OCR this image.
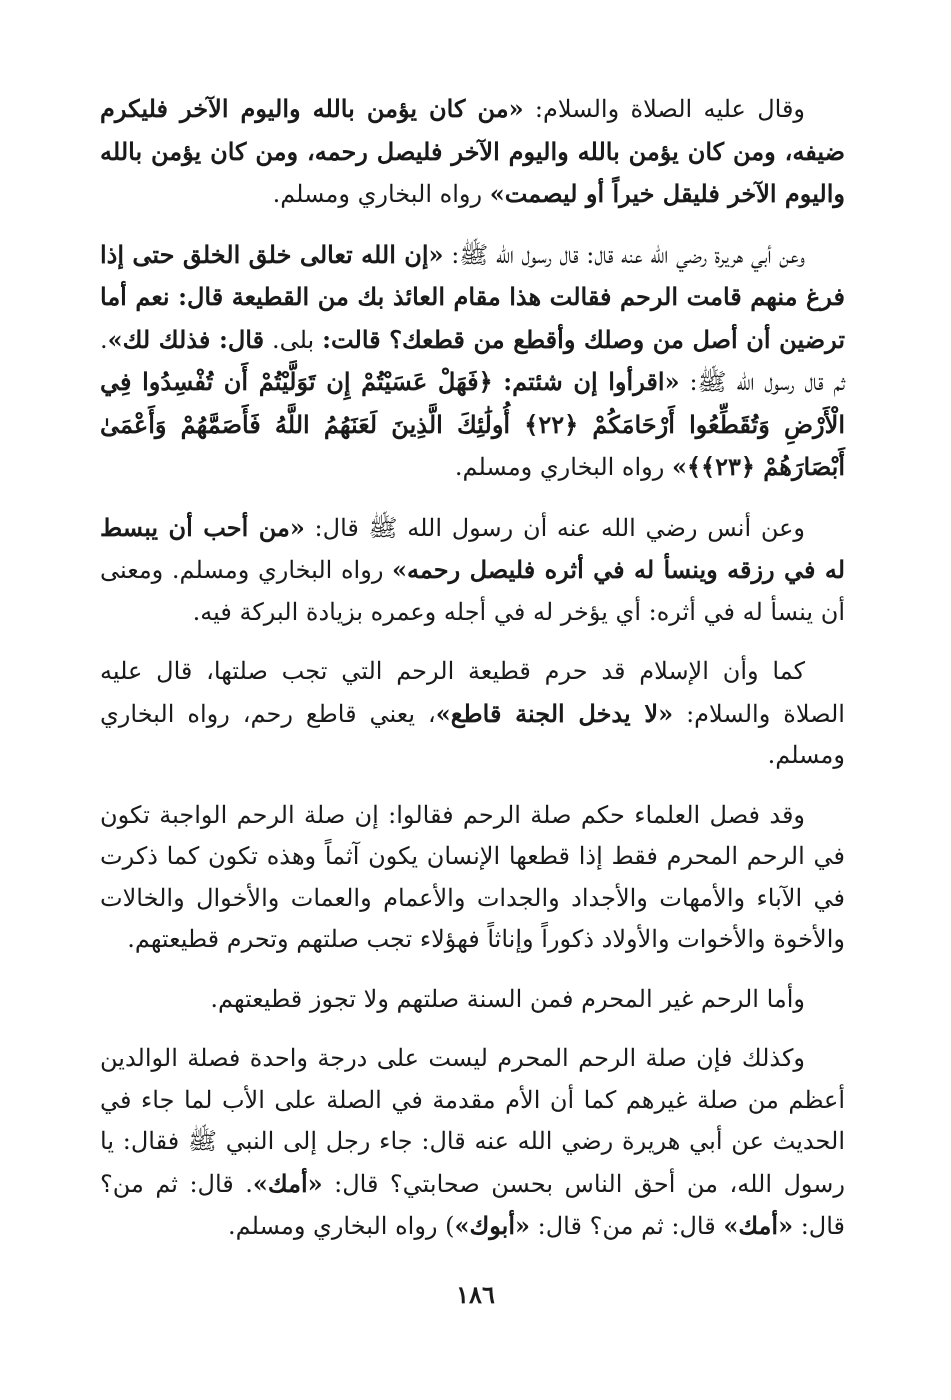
وقال عليه الصلاة والسلام: «من كان يؤمن بالله واليوم الآخر فليكرم ضيفه، ومن كان يؤمن بالله واليوم الآخر فليصل رحمه، ومن كان يؤمن بالله واليوم الآخر فليقل خيراً أو ليصمت» رواه البخاري ومسلم.

وعن أبي هريرة رضي الله عنه قال: قال رسول الله ﷺ: «إن الله تعالى خلق الخلق حتى إذا فرغ منهم قامت الرحم فقالت هذا مقام العائذ بك من القطيعة قال: نعم أما ترضين أن أصل من وصلك وأقطع من قطعك؟ قالت: بلى. قال: فذلك لك». ثم قال رسول الله ﷺ: «اقرأوا إن شئتم: ﴿فَهَلْ عَسَيْتُمْ إِن تَوَلَّيْتُمْ أَن تُفْسِدُوا فِي الْأَرْضِ وَتُقَطِّعُوا أَرْحَامَكُمْ ﴿٢٢﴾ أُولَٰئِكَ الَّذِينَ لَعَنَهُمُ اللَّهُ فَأَصَمَّهُمْ وَأَعْمَىٰ أَبْصَارَهُمْ ﴿٢٣﴾﴾» رواه البخاري ومسلم.

وعن أنس رضي الله عنه أن رسول الله ﷺ قال: «من أحب أن يبسط له في رزقه وينسأ له في أثره فليصل رحمه» رواه البخاري ومسلم. ومعنى أن ينسأ له في أثره: أي يؤخر له في أجله وعمره بزيادة البركة فيه.

كما وأن الإسلام قد حرم قطيعة الرحم التي تجب صلتها، قال عليه الصلاة والسلام: «لا يدخل الجنة قاطع»، يعني قاطع رحم، رواه البخاري ومسلم.

وقد فصل العلماء حكم صلة الرحم فقالوا: إن صلة الرحم الواجبة تكون في الرحم المحرم فقط إذا قطعها الإنسان يكون آثماً وهذه تكون كما ذكرت في الآباء والأمهات والأجداد والجدات والأعمام والعمات والأخوال والخالات والأخوة والأخوات والأولاد ذكوراً وإناثاً فهؤلاء تجب صلتهم وتحرم قطيعتهم.

وأما الرحم غير المحرم فمن السنة صلتهم ولا تجوز قطيعتهم.

وكذلك فإن صلة الرحم المحرم ليست على درجة واحدة فصلة الوالدين أعظم من صلة غيرهم كما أن الأم مقدمة في الصلة على الأب لما جاء في الحديث عن أبي هريرة رضي الله عنه قال: جاء رجل إلى النبي ﷺ فقال: يا رسول الله، من أحق الناس بحسن صحابتي؟ قال: «أمك». قال: ثم من؟ قال: «أمك» قال: ثم من؟ قال: «أبوك») رواه البخاري ومسلم.

١٨٦
